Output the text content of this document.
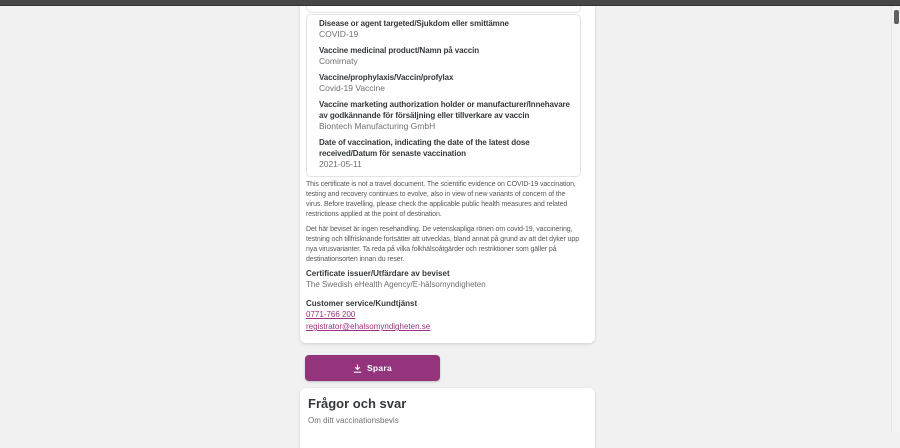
Disease or agent targeted/Sjukdom eller smittämne
COVID-19
Vaccine medicinal product/Namn på vaccin
Comirnaty
Vaccine/prophylaxis/Vaccin/profylax
Covid-19 Vaccine
Vaccine marketing authorization holder or manufacturer/Innehavare av godkännande för försäljning eller tillverkare av vaccin
Biontech Manufacturing GmbH
Date of vaccination, indicating the date of the latest dose received/Datum för senaste vaccination
2021-05-11
This certificate is not a travel document. The scientific evidence on COVID-19 vaccination, testing and recovery continues to evolve, also in view of new variants of concern of the virus. Before travelling, please check the applicable public health measures and related restrictions applied at the point of destination.
Det här beviset är ingen resehandling. De vetenskapliga rönen om covid-19, vaccinering, testning och tillfrisknande fortsätter att utvecklas, bland annat på grund av att det dyker upp nya virusvarianter. Ta reda på vilka folkhälsoåtgärder och restriktioner som gäller på destinationsorten innan du reser.
Certificate issuer/Utfärdare av beviset
The Swedish eHealth Agency/E-hälsomyndigheten
Customer service/Kundtjänst
0771-766 200
registrator@ehalsomyndigheten.se
Spara
Frågor och svar
Om ditt vaccinationsbevis
